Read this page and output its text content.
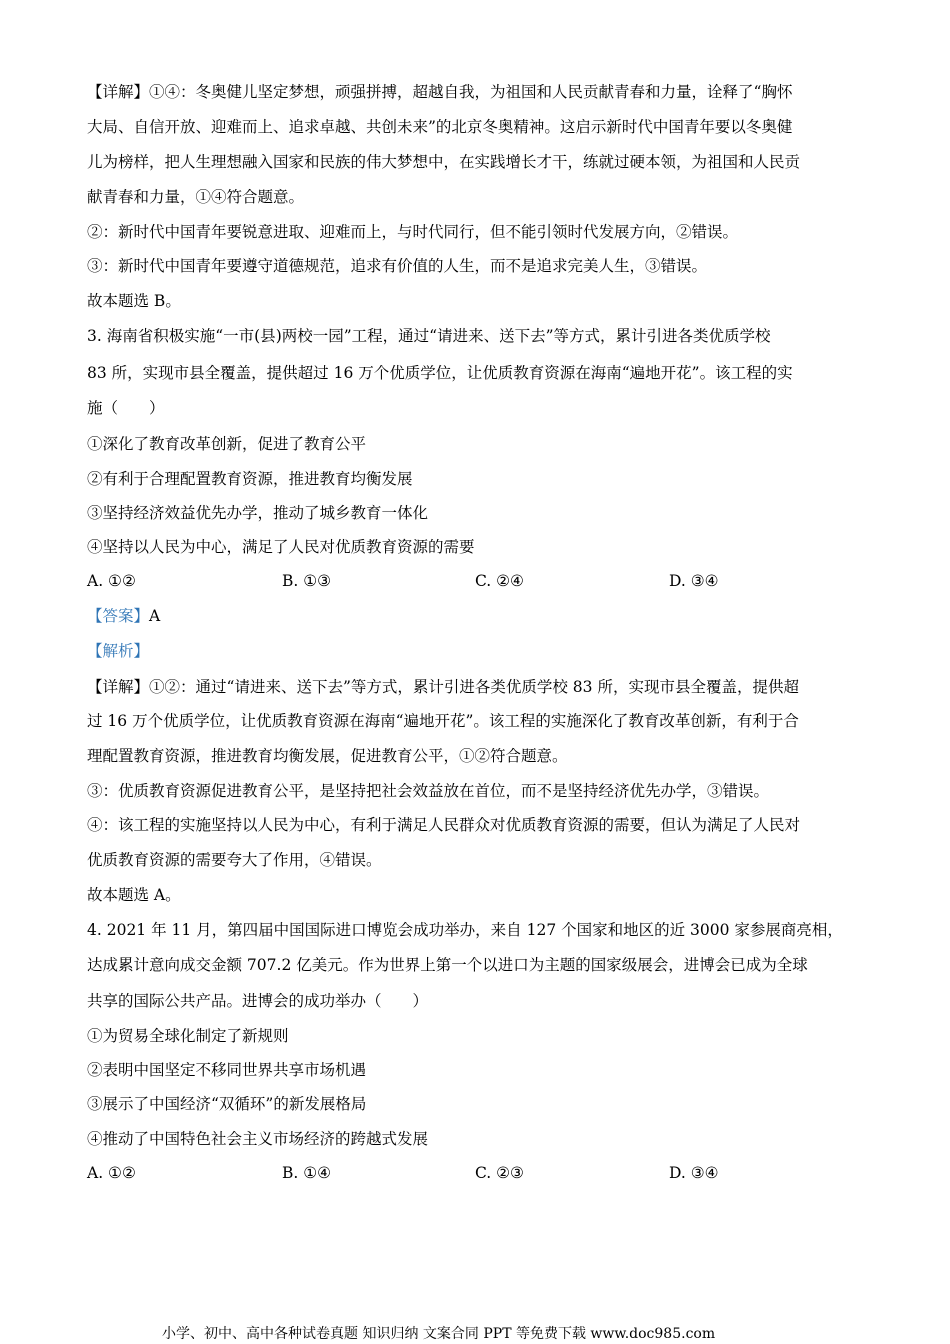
【详解】①④：冬奥健儿坚定梦想，顽强拼搏，超越自我，为祖国和人民贡献青春和力量，诠释了“胸怀
大局、自信开放、迎难而上、追求卓越、共创未来”的北京冬奥精神。这启示新时代中国青年要以冬奥健
儿为榜样，把人生理想融入国家和民族的伟大梦想中，在实践增长才干，练就过硬本领，为祖国和人民贡
献青春和力量，①④符合题意。
②：新时代中国青年要锐意进取、迎难而上，与时代同行，但不能引领时代发展方向，②错误。
③：新时代中国青年要遵守道德规范，追求有价值的人生，而不是追求完美人生，③错误。
故本题选 B。
3. 海南省积极实施“一市(县)两校一园”工程，通过“请进来、送下去”等方式，累计引进各类优质学校
83 所，实现市县全覆盖，提供超过 16 万个优质学位，让优质教育资源在海南“遍地开花”。该工程的实
施（　　）
①深化了教育改革创新，促进了教育公平
②有利于合理配置教育资源，推进教育均衡发展
③坚持经济效益优先办学，推动了城乡教育一体化
④坚持以人民为中心，满足了人民对优质教育资源的需要
A. ①②	B. ①③	C. ②④	D. ③④
【答案】A
【解析】
【详解】①②：通过“请进来、送下去”等方式，累计引进各类优质学校 83 所，实现市县全覆盖，提供超
过 16 万个优质学位，让优质教育资源在海南“遍地开花”。该工程的实施深化了教育改革创新，有利于合
理配置教育资源，推进教育均衡发展，促进教育公平，①②符合题意。
③：优质教育资源促进教育公平，是坚持把社会效益放在首位，而不是坚持经济优先办学，③错误。
④：该工程的实施坚持以人民为中心，有利于满足人民群众对优质教育资源的需要，但认为满足了人民对
优质教育资源的需要夸大了作用，④错误。
故本题选 A。
4. 2021 年 11 月，第四届中国国际进口博览会成功举办，来自 127 个国家和地区的近 3000 家参展商亮相，
达成累计意向成交金额 707.2 亿美元。作为世界上第一个以进口为主题的国家级展会，进博会已成为全球
共享的国际公共产品。进博会的成功举办（　　）
①为贸易全球化制定了新规则
②表明中国坚定不移同世界共享市场机遇
③展示了中国经济“双循环”的新发展格局
④推动了中国特色社会主义市场经济的跨越式发展
A. ①②	B. ①④	C. ②③	D. ③④
小学、初中、高中各种试卷真题 知识归纳 文案合同 PPT 等免费下载 www.doc985.com
